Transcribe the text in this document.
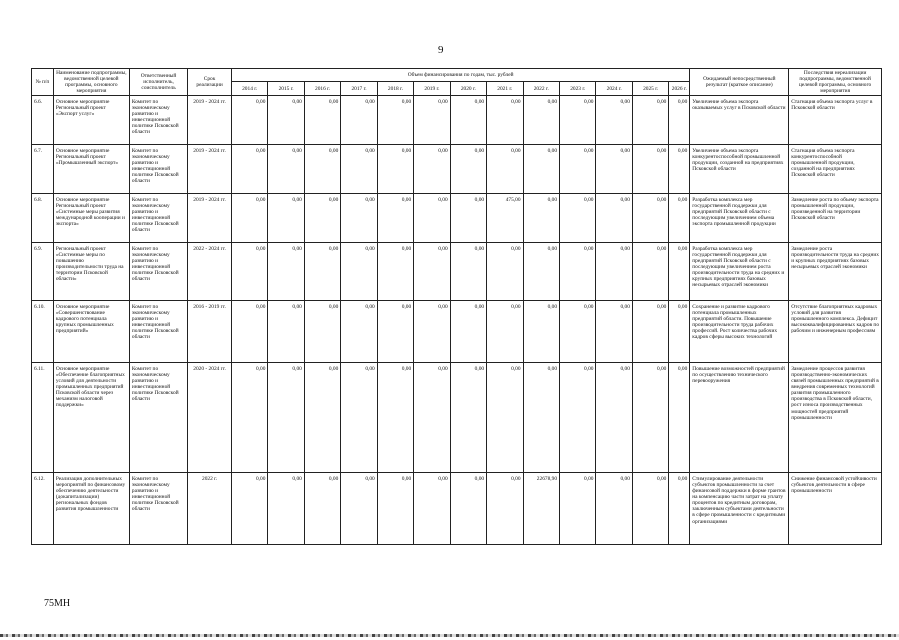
9
№ п/п	Наименование подпрограммы, ведомственной целевой программы, основного мероприятия	Ответственный исполнитель, соисполнитель	Срок реализации	Объем финансирования по годам, тыс. рублей													Ожидаемый непосредственный результат (краткое описание)	Последствия нереализации подпрограммы, ведомственной целевой программы, основного мероприятия
				2014 г.	2015 г.	2016 г.	2017 г.	2018 г.	2019 г.	2020 г.	2021 г.	2022 г.	2023 г.	2024 г.	2025 г.	2026 г.		
6.6.	Основное мероприятие Региональный проект «Экспорт услуг»	Комитет по экономическому развитию и инвестиционной политике Псковской области	2019 - 2024 гг.	0,00	0,00	0,00	0,00	0,00	0,00	0,00	0,00	0,00	0,00	0,00	0,00	0,00	Увеличение объема экспорта оказываемых услуг в Псковской области	Стагнация объема экспорта услуг в Псковской области
6.7.	Основное мероприятие Региональный проект «Промышленный экспорт»	Комитет по экономическому развитию и инвестиционной политике Псковской области	2019 - 2024 гг.	0,00	0,00	0,00	0,00	0,00	0,00	0,00	0,00	0,00	0,00	0,00	0,00	0,00	Увеличение объема экспорта конкурентоспособной промышленной продукции, созданной на предприятиях Псковской области	Стагнация объема экспорта конкурентоспособной промышленной продукции, созданной на предприятиях Псковской области
6.8.	Основное мероприятие Региональный проект «Системные меры развития международной кооперации и экспорта»	Комитет по экономическому развитию и инвестиционной политике Псковской области	2019 - 2024 гг.	0,00	0,00	0,00	0,00	0,00	0,00	0,00	475,00	0,00	0,00	0,00	0,00	0,00	Разработка комплекса мер государственной поддержки для предприятий Псковской области с последующим увеличением объема экспорта промышленной продукции	Замедление роста по объему экспорта промышленной продукции, произведенной на территории Псковской области
6.9.	Региональный проект «Системные меры по повышению производительности труда на территории Псковской области»	Комитет по экономическому развитию и инвестиционной политике Псковской области	2022 - 2024 гг.	0,00	0,00	0,00	0,00	0,00	0,00	0,00	0,00	0,00	0,00	0,00	0,00	0,00	Разработка комплекса мер государственной поддержки для предприятий Псковской области с последующим увеличением роста производительности труда на средних и крупных предприятиях базовых несырьевых отраслей экономики	Замедление роста производительности труда на средних и крупных предприятиях базовых несырьевых отраслей экономики
6.10.	Основное мероприятие «Совершенствование кадрового потенциала крупных промышленных предприятий»	Комитет по экономическому развитию и инвестиционной политике Псковской области	2016 - 2019 гг.	0,00	0,00	0,00	0,00	0,00	0,00	0,00	0,00	0,00	0,00	0,00	0,00	0,00	Сохранение и развитие кадрового потенциала промышленных предприятий области. Повышение производительности труда рабочих профессий. Рост количества рабочих кадров сферы высоких технологий	Отсутствие благоприятных кадровых условий для развития промышленного комплекса. Дефицит высококвалифицированных кадров по рабочим и инженерным профессиям
6.11.	Основное мероприятие «Обеспечение благоприятных условий для деятельности промышленных предприятий Псковской области через механизм налоговой поддержки»	Комитет по экономическому развитию и инвестиционной политике Псковской области	2020 - 2024 гг.	0,00	0,00	0,00	0,00	0,00	0,00	0,00	0,00	0,00	0,00	0,00	0,00	0,00	Повышение возможностей предприятий по осуществлению технического перевооружения	Замедление процессов развития производственно-экономических связей промышленных предприятий в внедрения современных технологий развития промышленного производства в Псковской области, рост износа производственных мощностей предприятий промышленности
6.12.	Реализация дополнительных мероприятий по финансовому обеспечению деятельности (докапитализации) региональных фондов развития промышленности	Комитет по экономическому развитию и инвестиционной политике Псковской области	2022 г.	0,00	0,00	0,00	0,00	0,00	0,00	0,00	0,00	22678,90	0,00	0,00	0,00	0,00	Стимулирование деятельности субъектов промышленности за счет финансовой поддержки в форме грантов на компенсацию части затрат на уплату процентов по кредитным договорам, заключенным субъектами деятельности в сфере промышленности с кредитными организациями	Снижение финансовой устойчивости субъектов деятельности в сфере промышленности
75МН
